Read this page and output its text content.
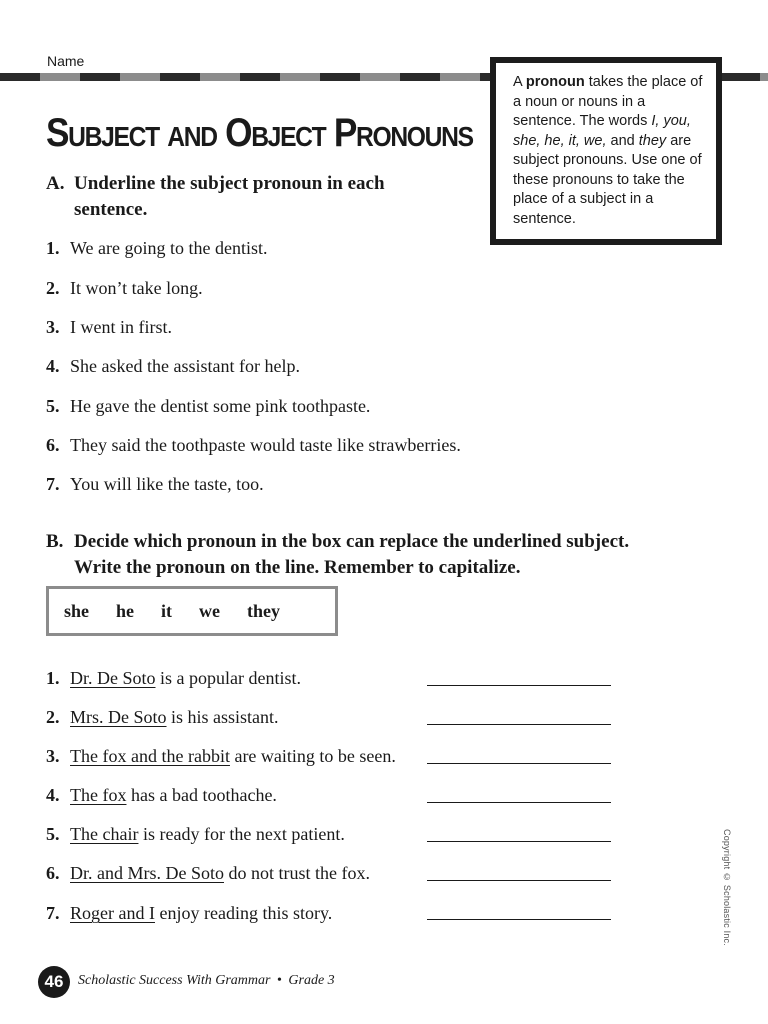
Name
Subject and Object Pronouns
A pronoun takes the place of a noun or nouns in a sentence. The words I, you, she, he, it, we, and they are subject pronouns. Use one of these pronouns to take the place of a subject in a sentence.
A. Underline the subject pronoun in each sentence.
1. We are going to the dentist.
2. It won’t take long.
3. I went in first.
4. She asked the assistant for help.
5. He gave the dentist some pink toothpaste.
6. They said the toothpaste would taste like strawberries.
7. You will like the taste, too.
B. Decide which pronoun in the box can replace the underlined subject. Write the pronoun on the line. Remember to capitalize.
she he it we they
1. Dr. De Soto is a popular dentist.
2. Mrs. De Soto is his assistant.
3. The fox and the rabbit are waiting to be seen.
4. The fox has a bad toothache.
5. The chair is ready for the next patient.
6. Dr. and Mrs. De Soto do not trust the fox.
7. Roger and I enjoy reading this story.	Copyright © Scholastic Inc.
46	Scholastic Success With Grammar • Grade 3
